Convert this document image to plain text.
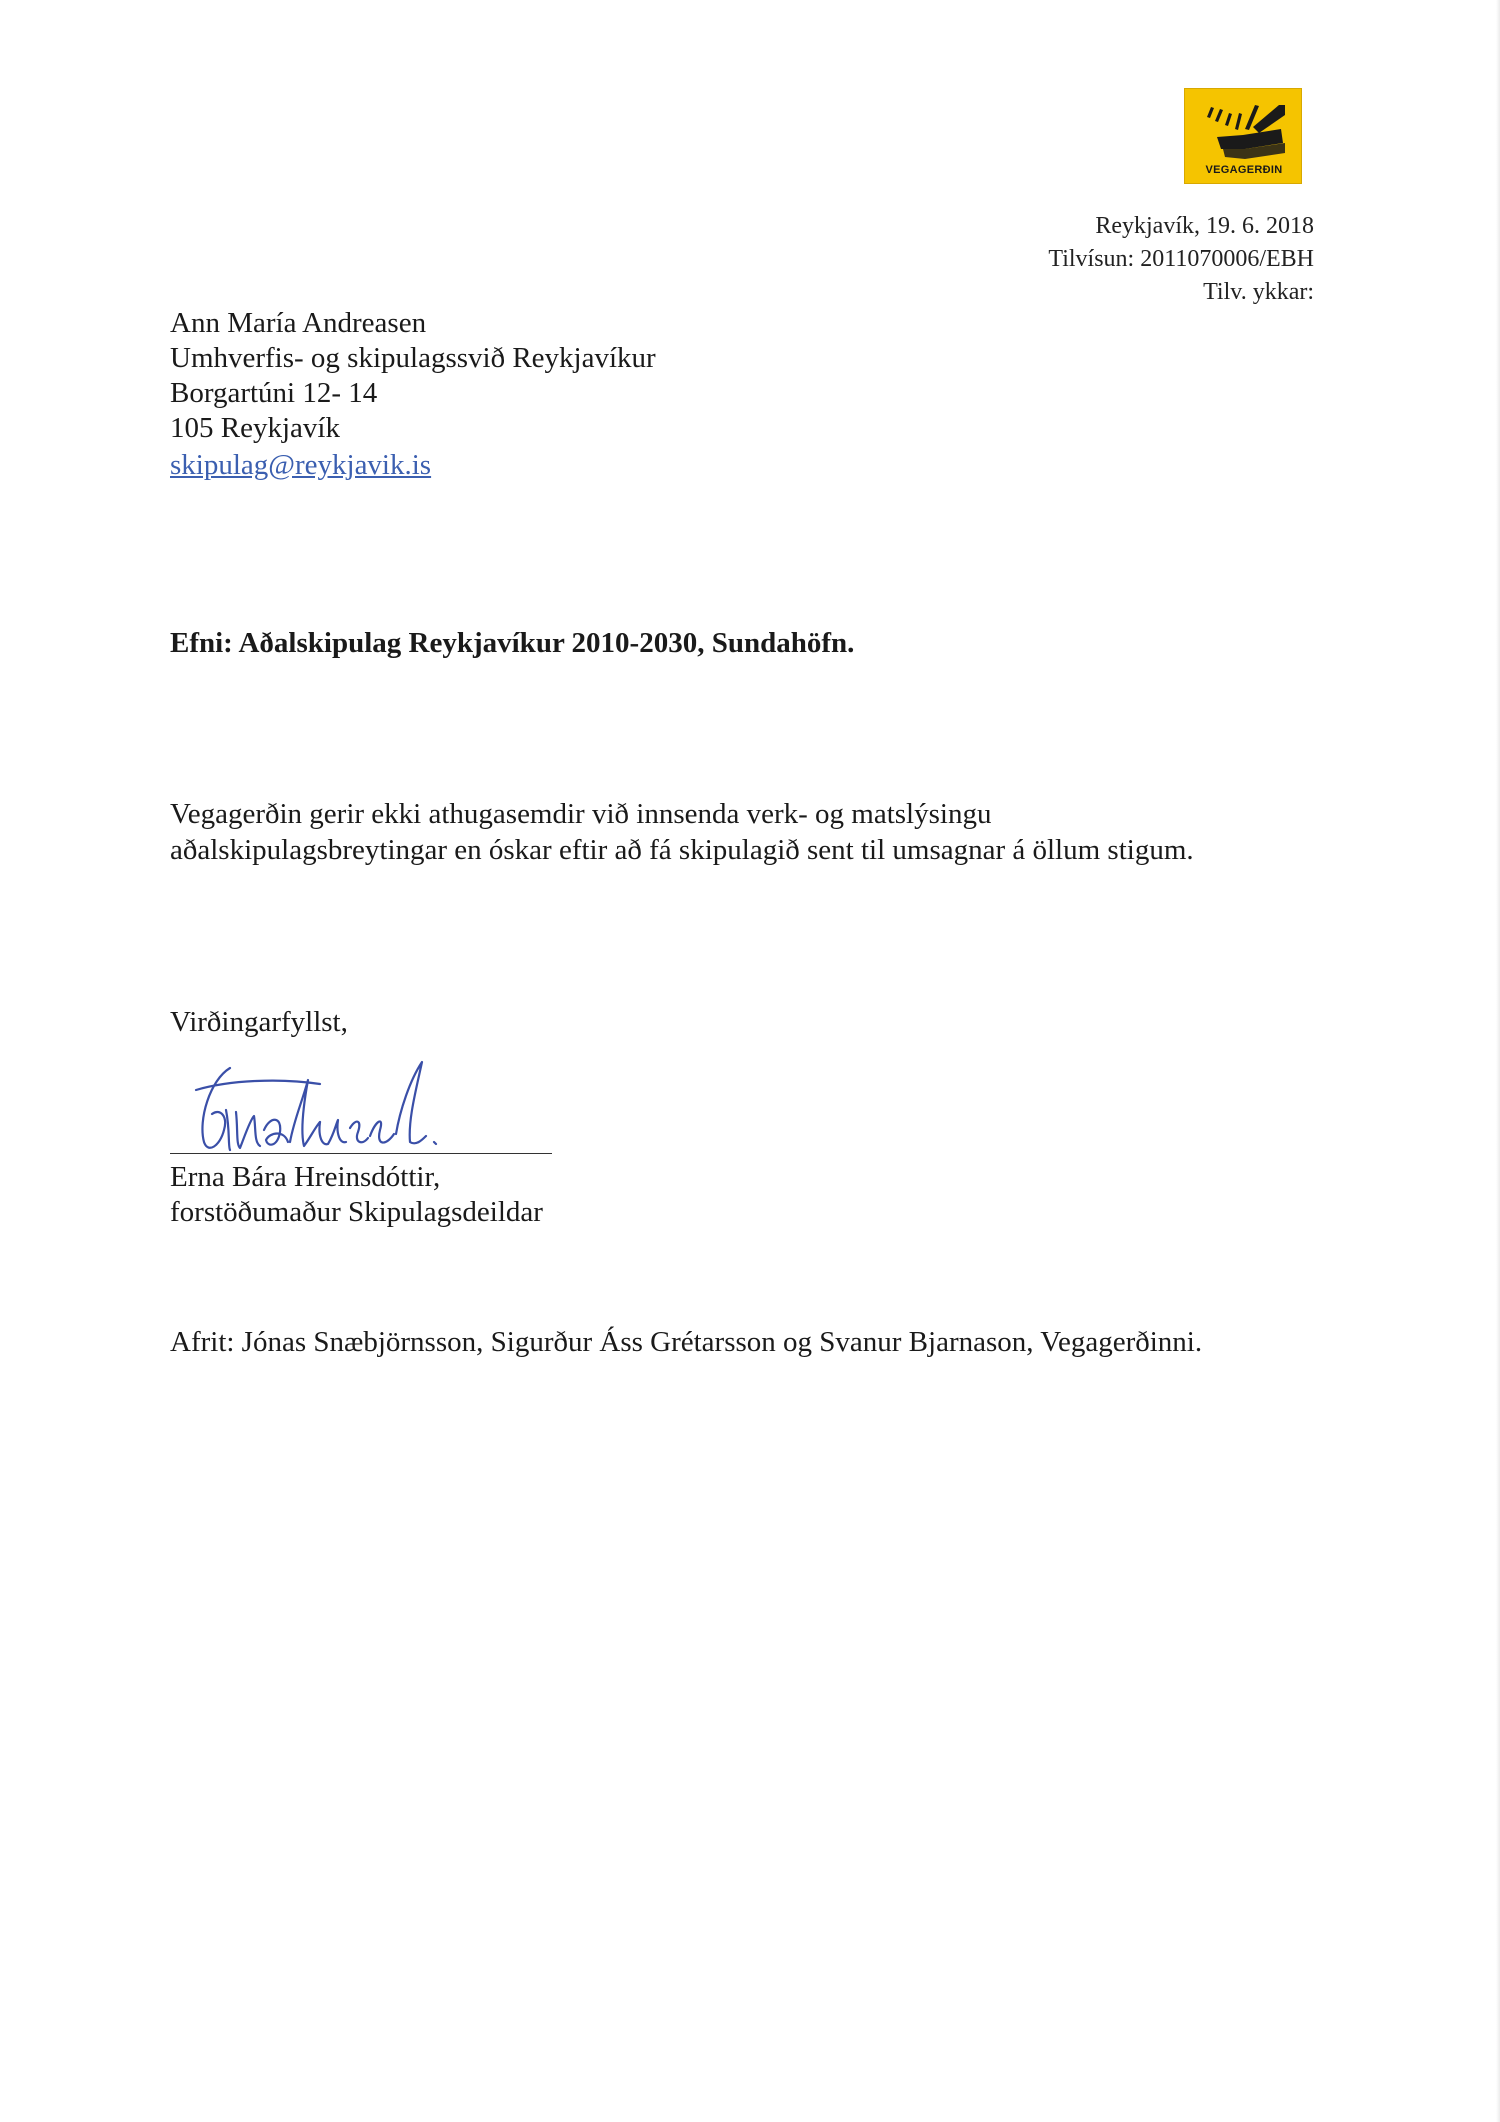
VEGAGERÐIN
Reykjavík, 19. 6. 2018
Tilvísun: 2011070006/EBH
Tilv. ykkar:
Ann María Andreasen
Umhverfis- og skipulagssvið Reykjavíkur
Borgartúni 12- 14
105 Reykjavík
skipulag@reykjavik.is
Efni: Aðalskipulag Reykjavíkur 2010-2030, Sundahöfn.
Vegagerðin gerir ekki athugasemdir við innsenda verk- og matslýsingu
aðalskipulagsbreytingar en óskar eftir að fá skipulagið sent til umsagnar á öllum stigum.
Virðingarfyllst,
Erna Bára Hreinsdóttir,
forstöðumaður Skipulagsdeildar
Afrit: Jónas Snæbjörnsson, Sigurður Áss Grétarsson og Svanur Bjarnason, Vegagerðinni.
